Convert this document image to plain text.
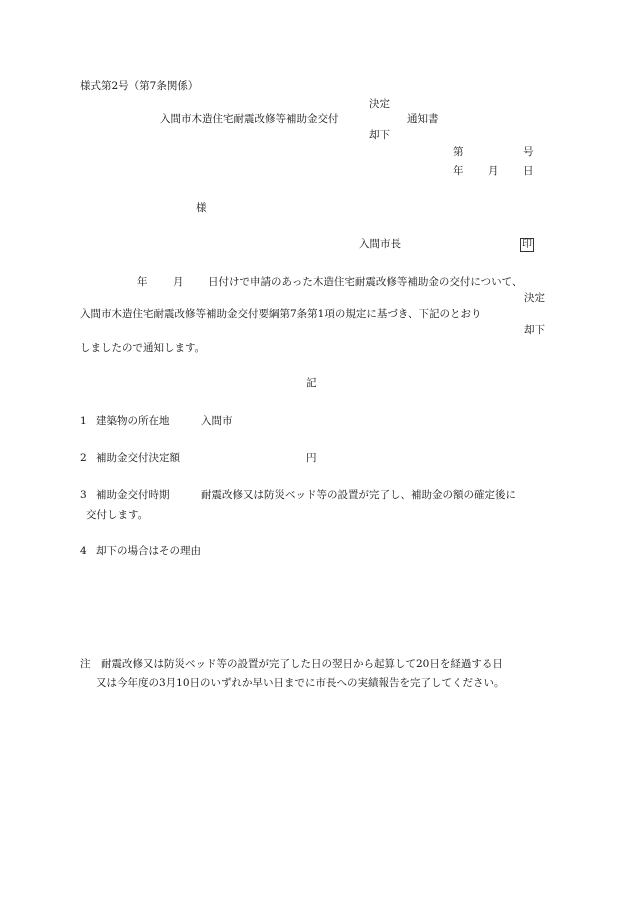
様式第2号（第7条関係）
決定
入間市木造住宅耐震改修等補助金交付	通知書
却下
第	号
年 月 日
様
入間市長	印
年 月 日付けで申請のあった木造住宅耐震改修等補助金の交付について、
決定
入間市木造住宅耐震改修等補助金交付要綱第7条第1項の規定に基づき、下記のとおり
却下
しましたので通知します。
記
1 建築物の所在地	入間市
2 補助金交付決定額	円
3 補助金交付時期	耐震改修又は防災ベッド等の設置が完了し、補助金の額の確定後に
交付します。
4 却下の場合はその理由
注 耐震改修又は防災ベッド等の設置が完了した日の翌日から起算して20日を経過する日
又は今年度の3月10日のいずれか早い日までに市長への実績報告を完了してください。
